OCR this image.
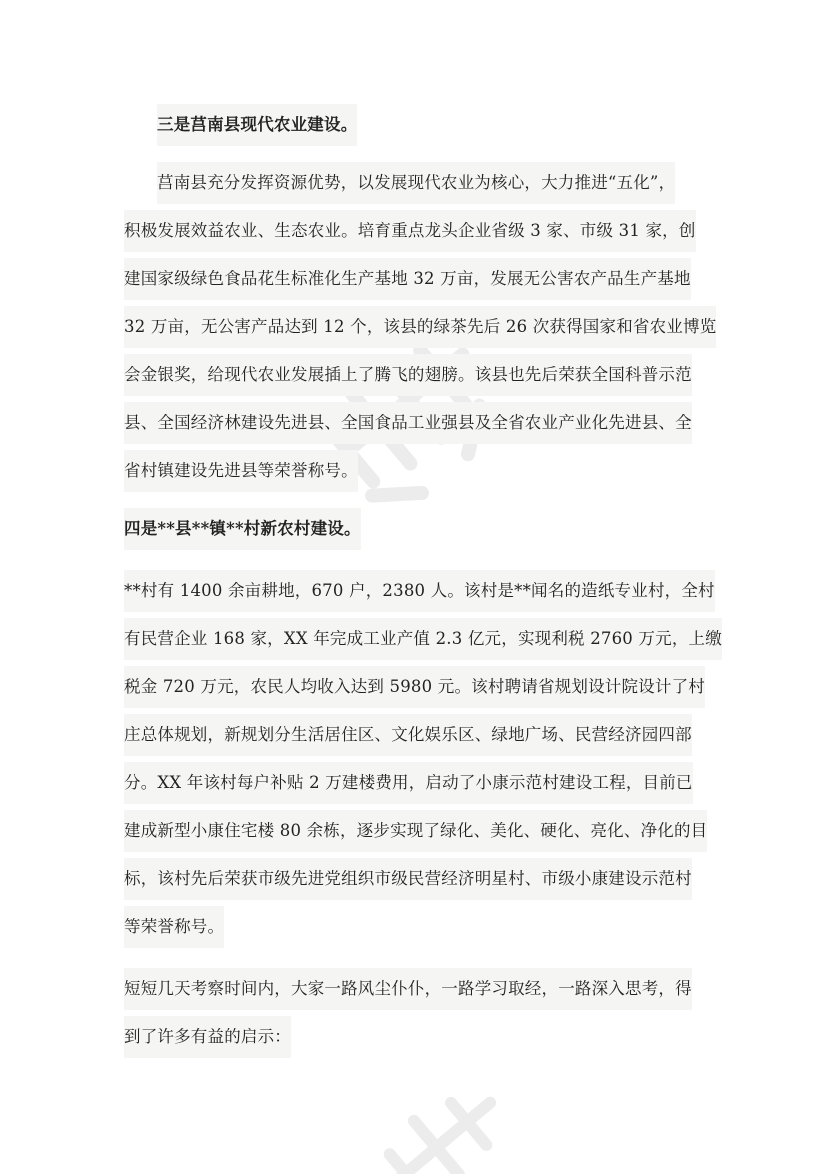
三是莒南县现代农业建设。
莒南县充分发挥资源优势，以发展现代农业为核心，大力推进“五化”，
积极发展效益农业、生态农业。培育重点龙头企业省级 3 家、市级 31 家，创
建国家级绿色食品花生标准化生产基地 32 万亩，发展无公害农产品生产基地
32 万亩，无公害产品达到 12 个，该县的绿茶先后 26 次获得国家和省农业博览
会金银奖，给现代农业发展插上了腾飞的翅膀。该县也先后荣获全国科普示范
县、全国经济林建设先进县、全国食品工业强县及全省农业产业化先进县、全
省村镇建设先进县等荣誉称号。
四是**县**镇**村新农村建设。
**村有 1400 余亩耕地，670 户，2380 人。该村是**闻名的造纸专业村，全村
有民营企业 168 家，XX 年完成工业产值 2.3 亿元，实现利税 2760 万元，上缴
税金 720 万元，农民人均收入达到 5980 元。该村聘请省规划设计院设计了村
庄总体规划，新规划分生活居住区、文化娱乐区、绿地广场、民营经济园四部
分。XX 年该村每户补贴 2 万建楼费用，启动了小康示范村建设工程，目前已
建成新型小康住宅楼 80 余栋，逐步实现了绿化、美化、硬化、亮化、净化的目
标，该村先后荣获市级先进党组织市级民营经济明星村、市级小康建设示范村
等荣誉称号。
短短几天考察时间内，大家一路风尘仆仆，一路学习取经，一路深入思考，得
到了许多有益的启示：
